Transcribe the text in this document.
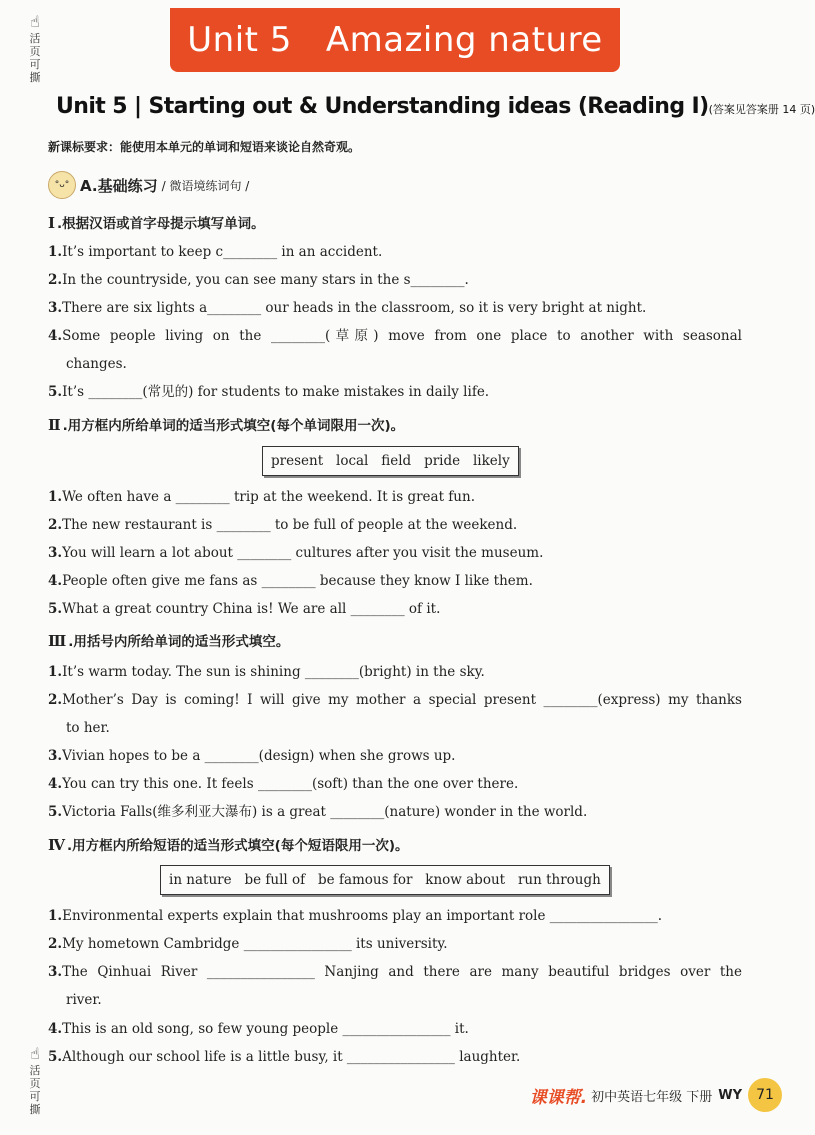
Unit 5   Amazing nature
☝
活页可撕
☝
活页可撕
Unit 5 | Starting out & Understanding ideas (Reading Ⅰ)(答案见答案册 14 页)
新课标要求：能使用本单元的单词和短语来谈论自然奇观。
°ᴗ° A.基础练习 / 微语境练词句 /
Ⅰ .根据汉语或首字母提示填写单词。
1.It’s important to keep c________ in an accident.
2.In the countryside, you can see many stars in the s________.
3.There are six lights a________ our heads in the classroom, so it is very bright at night.
4.Some people living on the ________(草原) move from one place to another with seasonal
changes.
5.It’s ________(常见的) for students to make mistakes in daily life.
Ⅱ .用方框内所给单词的适当形式填空(每个单词限用一次)。
present   local   field   pride   likely
1.We often have a ________ trip at the weekend. It is great fun.
2.The new restaurant is ________ to be full of people at the weekend.
3.You will learn a lot about ________ cultures after you visit the museum.
4.People often give me fans as ________ because they know I like them.
5.What a great country China is! We are all ________ of it.
Ⅲ .用括号内所给单词的适当形式填空。
1.It’s warm today. The sun is shining ________(bright) in the sky.
2.Mother’s Day is coming! I will give my mother a special present ________(express) my thanks
to her.
3.Vivian hopes to be a ________(design) when she grows up.
4.You can try this one. It feels ________(soft) than the one over there.
5.Victoria Falls(维多利亚大瀑布) is a great ________(nature) wonder in the world.
Ⅳ .用方框内所给短语的适当形式填空(每个短语限用一次)。
in nature   be full of   be famous for   know about   run through
1.Environmental experts explain that mushrooms play an important role ________________.
2.My hometown Cambridge ________________ its university.
3.The Qinhuai River ________________ Nanjing and there are many beautiful bridges over the
river.
4.This is an old song, so few young people ________________ it.
5.Although our school life is a little busy, it ________________ laughter.
课课帮. 初中英语七年级 下册 WY	71
